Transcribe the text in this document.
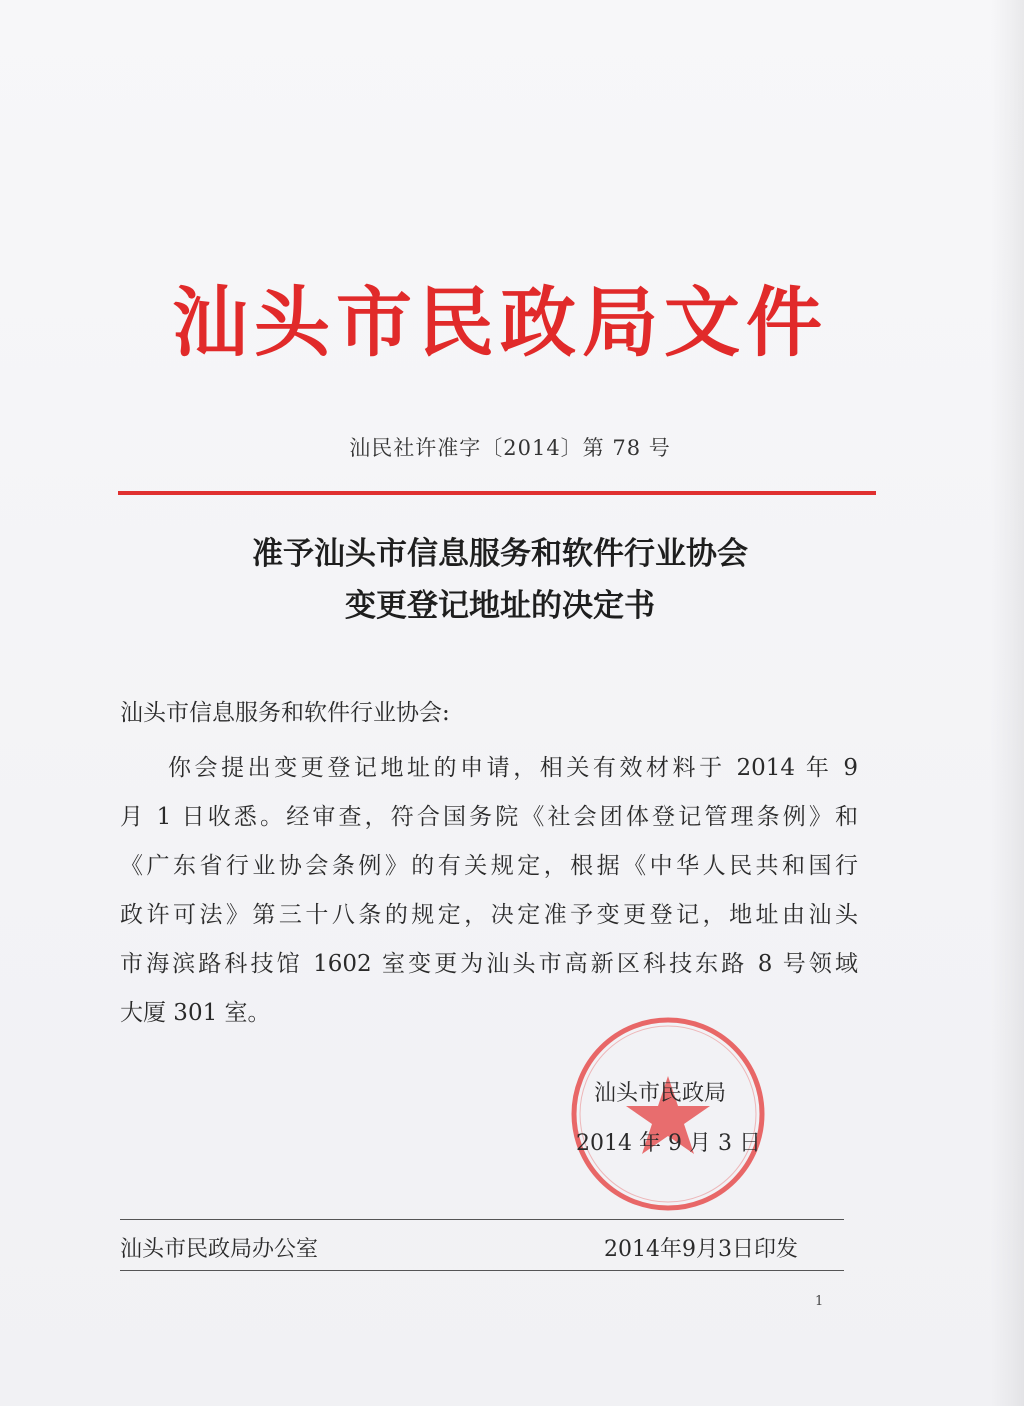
汕头市民政局文件
汕民社许准字〔2014〕第 78 号
准予汕头市信息服务和软件行业协会
变更登记地址的决定书
汕头市信息服务和软件行业协会:
你会提出变更登记地址的申请，相关有效材料于 2014 年 9
月 1 日收悉。经审查，符合国务院《社会团体登记管理条例》和
《广东省行业协会条例》的有关规定，根据《中华人民共和国行
政许可法》第三十八条的规定，决定准予变更登记，地址由汕头
市海滨路科技馆 1602 室变更为汕头市高新区科技东路 8 号领域
大厦 301 室。
汕头市民政局
2014 年 9 月 3 日
汕头市民政局办公室	2014年9月3日印发
1
